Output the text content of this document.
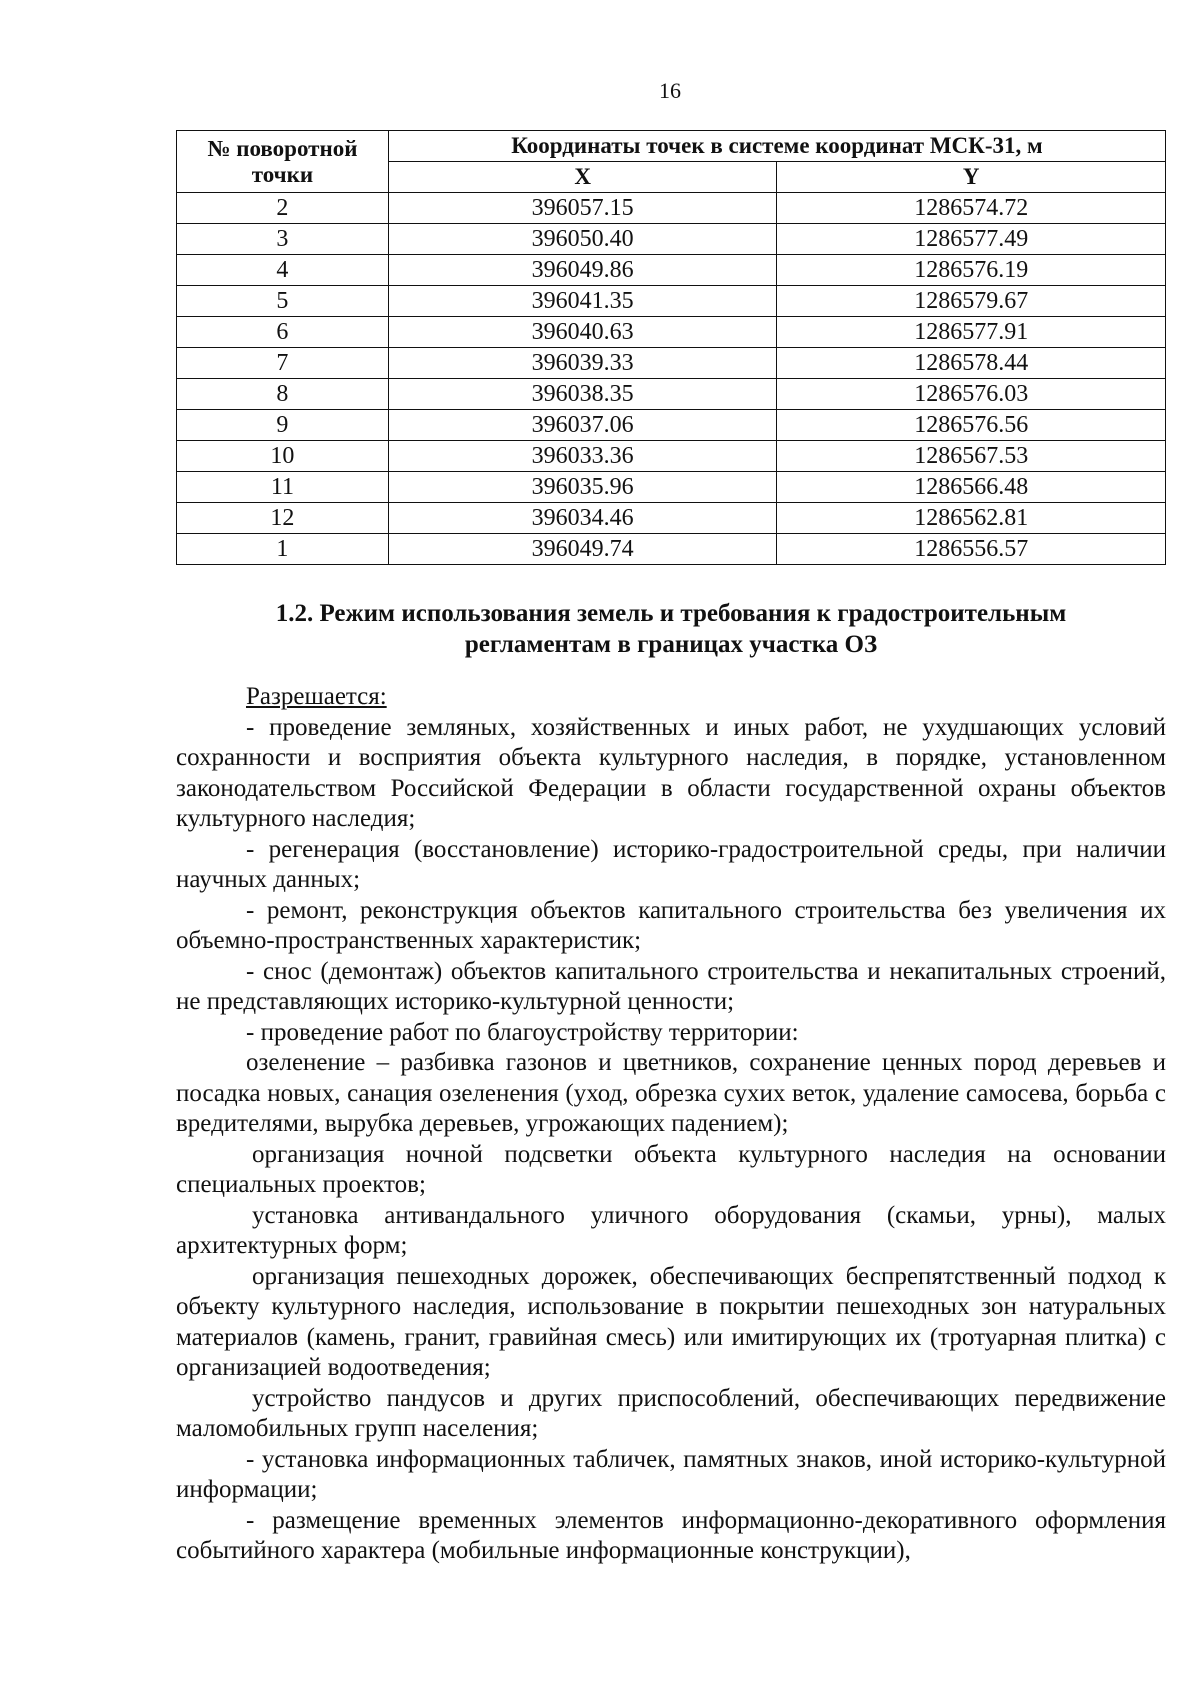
16
№ поворотной точки	Координаты точек в системе координат МСК-31, м	
	X	Y
2	396057.15	1286574.72
3	396050.40	1286577.49
4	396049.86	1286576.19
5	396041.35	1286579.67
6	396040.63	1286577.91
7	396039.33	1286578.44
8	396038.35	1286576.03
9	396037.06	1286576.56
10	396033.36	1286567.53
11	396035.96	1286566.48
12	396034.46	1286562.81
1	396049.74	1286556.57
1.2. Режим использования земель и требования к градостроительным
регламентам в границах участка ОЗ

Разрешается:

- проведение земляных, хозяйственных и иных работ, не ухудшающих условий сохранности и восприятия объекта культурного наследия, в порядке, установленном законодательством Российской Федерации в области государственной охраны объектов культурного наследия;

- регенерация (восстановление) историко-градостроительной среды, при наличии научных данных;

- ремонт, реконструкция объектов капитального строительства без увеличения их объемно-пространственных характеристик;

- снос (демонтаж) объектов капитального строительства и некапитальных строений, не представляющих историко-культурной ценности;

- проведение работ по благоустройству территории:

озеленение – разбивка газонов и цветников, сохранение ценных пород деревьев и посадка новых, санация озеленения (уход, обрезка сухих веток, удаление самосева, борьба с вредителями, вырубка деревьев, угрожающих падением);

организация ночной подсветки объекта культурного наследия на основании специальных проектов;

установка антивандального уличного оборудования (скамьи, урны), малых архитектурных форм;

организация пешеходных дорожек, обеспечивающих беспрепятственный подход к объекту культурного наследия, использование в покрытии пешеходных зон натуральных материалов (камень, гранит, гравийная смесь) или имитирующих их (тротуарная плитка) с организацией водоотведения;

устройство пандусов и других приспособлений, обеспечивающих передвижение маломобильных групп населения;

- установка информационных табличек, памятных знаков, иной историко-культурной информации;

- размещение временных элементов информационно-декоративного оформления событийного характера (мобильные информационные конструкции),
